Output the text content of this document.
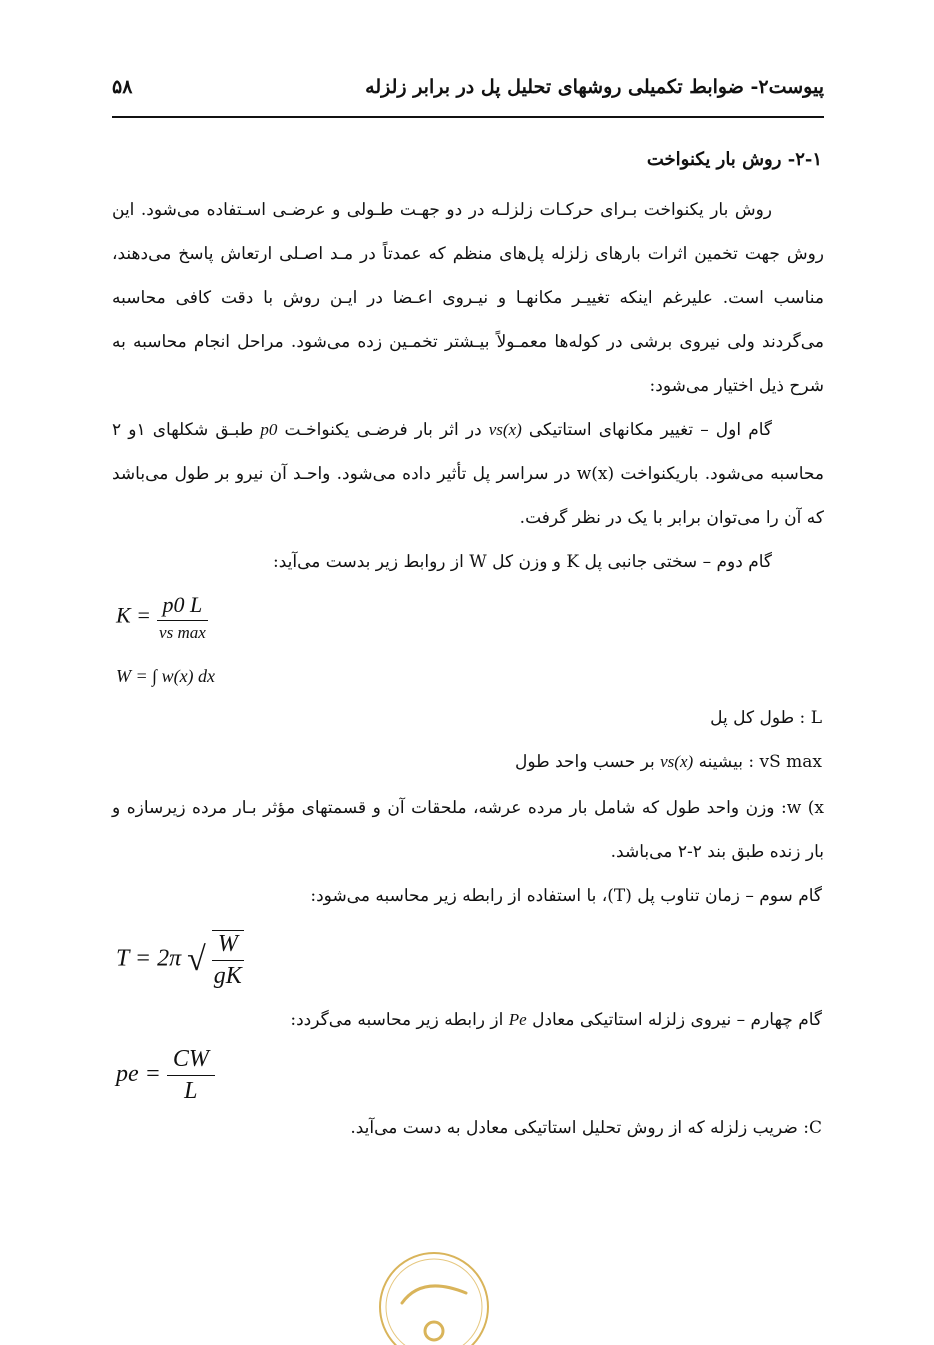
پیوست۲- ضوابط تکمیلی روشهای تحلیل پل در برابر زلزله
۵۸
۲-۱- روش بار یکنواخت
روش بار یکنواخت بـرای حرکـات زلزلـه در دو جهـت طـولی و عرضـی اسـتفاده می‌شود. این روش جهت تخمین اثرات بارهای زلزله پل‌های منظم که عمدتاً در مـد اصـلی ارتعاش پاسخ می‌دهند، مناسب است. علیرغم اینکه تغییـر مکانهـا و نیـروی اعـضا در ایـن روش با دقت کافی محاسبه می‌گردند ولی نیروی برشی در کوله‌ها معمـولاً بیـشتر تخمـین زده می‌شود. مراحل انجام محاسبه به شرح ذیل اختیار می‌شود:
گام اول – تغییر مکانهای استاتیکی vs(x) در اثر بار فرضـی یکنواخـت p0 طبـق شکلهای ۱و ۲ محاسبه می‌شود. باریکنواخت w(x) در سراسر پل تأثیر داده می‌شود. واحـد آن نیرو بر طول می‌باشد که آن را می‌توان برابر با یک در نظر گرفت.
گام دوم – سختی جانبی پل K و وزن کل W از روابط زیر بدست می‌آید:
$K = \frac{p0 L}{\text{vs max}}$
W = ∫ w(x) dx
L : طول کل پل
vS max : بیشینه vs(x) بر حسب واحد طول
w (x: وزن واحد طول که شامل بار مرده عرشه، ملحقات آن و قسمتهای مؤثر بـار مرده زیرسازه و بار زنده طبق بند ۲-۲ می‌باشد.
گام سوم – زمان تناوب پل (T)، با استفاده از رابطه زیر محاسبه می‌شود:
T = 2π √ $\frac{W}{gK}$
گام چهارم – نیروی زلزله استاتیکی معادل Pe از رابطه زیر محاسبه می‌گردد:
pe = $\frac{CW}{L}$
C: ضریب زلزله که از روش تحلیل استاتیکی معادل به دست می‌آید.
